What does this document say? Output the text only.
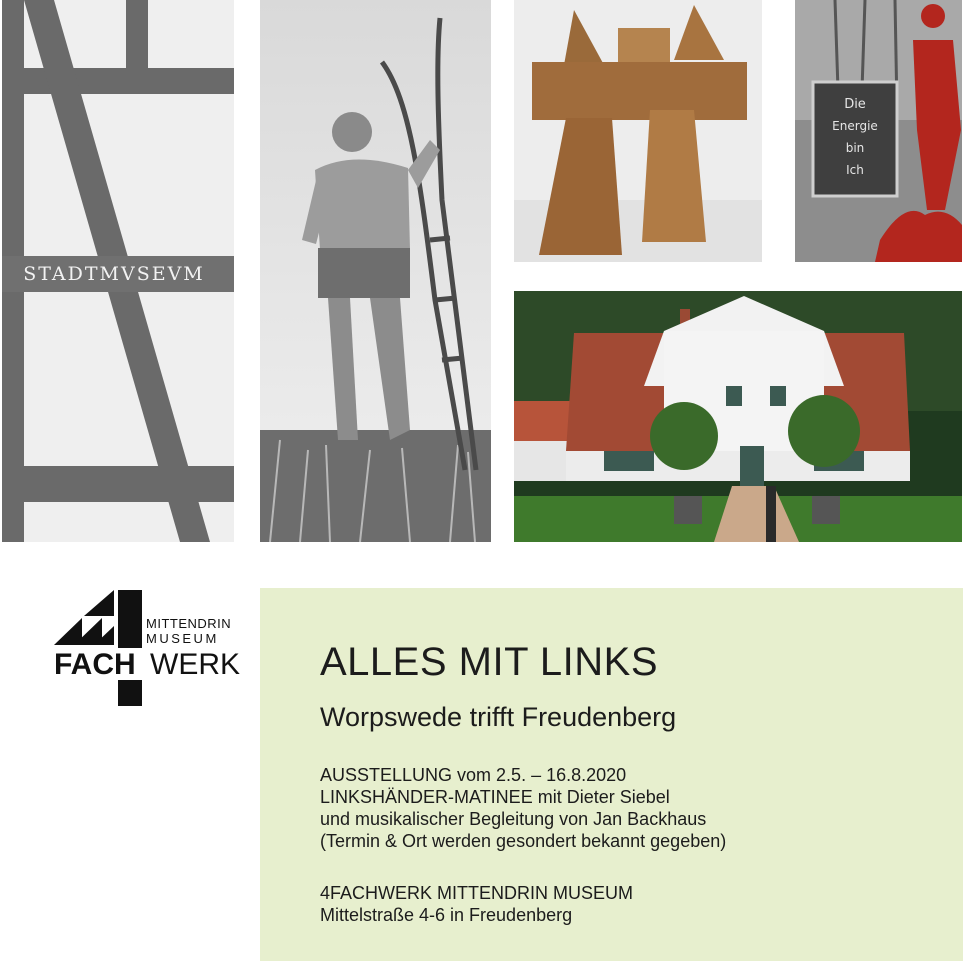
STADTMVSEVM
Die
Energie
bin
Ich
MITTENDRIN
MUSEUM
FACH WERK ALLES MIT LINKS
Worpswede trifft Freudenberg
AUSSTELLUNG vom 2.5. – 16.8.2020
LINKSHÄNDER-MATINEE mit Dieter Siebel
und musikalischer Begleitung von Jan Backhaus
(Termin & Ort werden gesondert bekannt gegeben)
4FACHWERK MITTENDRIN MUSEUM
Mittelstraße 4-6 in Freudenberg
